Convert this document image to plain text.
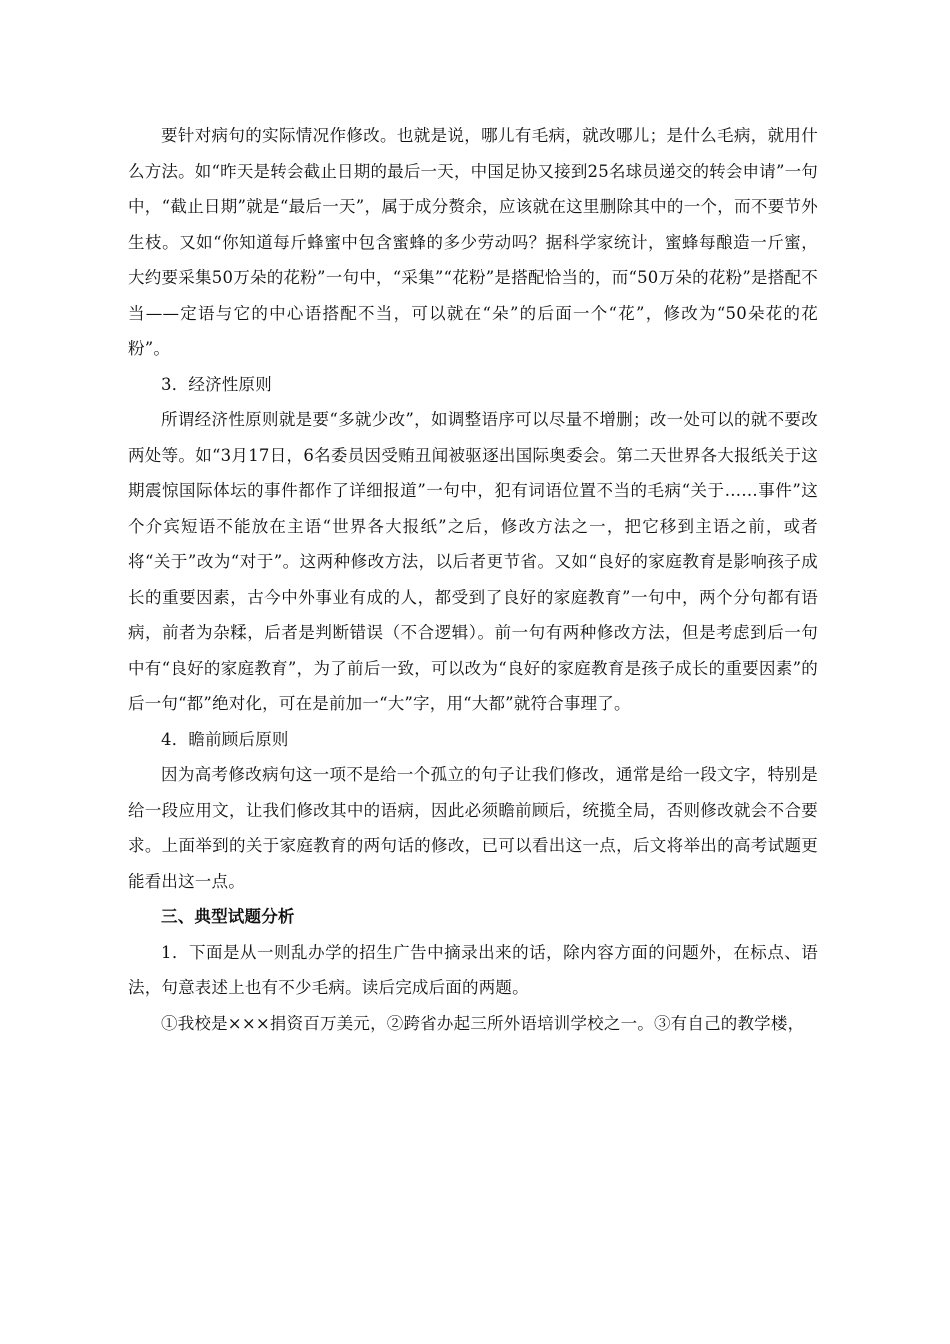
要针对病句的实际情况作修改。也就是说，哪儿有毛病，就改哪儿；是什么毛病，就用什么方法。如“昨天是转会截止日期的最后一天，中国足协又接到25名球员递交的转会申请”一句中，“截止日期”就是“最后一天”，属于成分赘余，应该就在这里删除其中的一个，而不要节外生枝。又如“你知道每斤蜂蜜中包含蜜蜂的多少劳动吗？据科学家统计，蜜蜂每酿造一斤蜜，大约要采集50万朵的花粉”一句中，“采集”“花粉”是搭配恰当的，而“50万朵的花粉”是搭配不当——定语与它的中心语搭配不当，可以就在“朵”的后面一个“花”，修改为“50朵花的花粉”。

3．经济性原则

所谓经济性原则就是要“多就少改”，如调整语序可以尽量不增删；改一处可以的就不要改两处等。如“3月17日，6名委员因受贿丑闻被驱逐出国际奥委会。第二天世界各大报纸关于这期震惊国际体坛的事件都作了详细报道”一句中，犯有词语位置不当的毛病“关于……事件”这个介宾短语不能放在主语“世界各大报纸”之后，修改方法之一，把它移到主语之前，或者将“关于”改为“对于”。这两种修改方法，以后者更节省。又如“良好的家庭教育是影响孩子成长的重要因素，古今中外事业有成的人，都受到了良好的家庭教育”一句中，两个分句都有语病，前者为杂糅，后者是判断错误（不合逻辑）。前一句有两种修改方法，但是考虑到后一句中有“良好的家庭教育”，为了前后一致，可以改为“良好的家庭教育是孩子成长的重要因素”的后一句“都”绝对化，可在是前加一“大”字，用“大都”就符合事理了。

4．瞻前顾后原则

因为高考修改病句这一项不是给一个孤立的句子让我们修改，通常是给一段文字，特别是给一段应用文，让我们修改其中的语病，因此必须瞻前顾后，统揽全局，否则修改就会不合要求。上面举到的关于家庭教育的两句话的修改，已可以看出这一点，后文将举出的高考试题更能看出这一点。

三、典型试题分析

1．下面是从一则乱办学的招生广告中摘录出来的话，除内容方面的问题外，在标点、语法，句意表述上也有不少毛病。读后完成后面的两题。

①我校是×××捐资百万美元，②跨省办起三所外语培训学校之一。③有自己的教学楼，
